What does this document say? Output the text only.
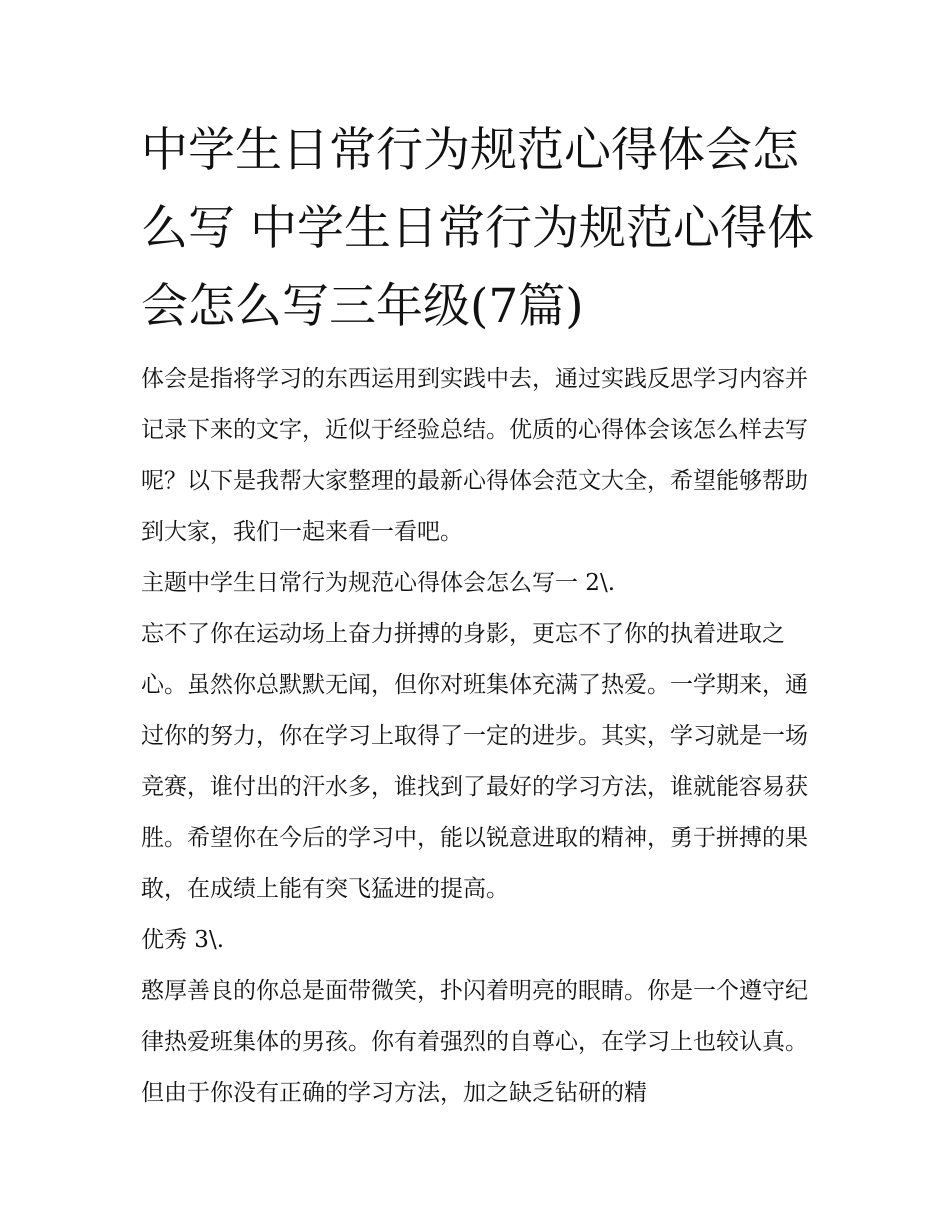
中学生日常行为规范心得体会怎么写 中学生日常行为规范心得体会怎么写三年级(7篇)

体会是指将学习的东西运用到实践中去，通过实践反思学习内容并记录下来的文字，近似于经验总结。优质的心得体会该怎么样去写呢？以下是我帮大家整理的最新心得体会范文大全，希望能够帮助到大家，我们一起来看一看吧。

主题中学生日常行为规范心得体会怎么写一 2\.

忘不了你在运动场上奋力拼搏的身影，更忘不了你的执着进取之心。虽然你总默默无闻，但你对班集体充满了热爱。一学期来，通过你的努力，你在学习上取得了一定的进步。其实，学习就是一场竞赛，谁付出的汗水多，谁找到了最好的学习方法，谁就能容易获胜。希望你在今后的学习中，能以锐意进取的精神，勇于拼搏的果敢，在成绩上能有突飞猛进的提高。

优秀 3\.

憨厚善良的你总是面带微笑，扑闪着明亮的眼睛。你是一个遵守纪律热爱班集体的男孩。你有着强烈的自尊心，在学习上也较认真。但由于你没有正确的学习方法，加之缺乏钻研的精
